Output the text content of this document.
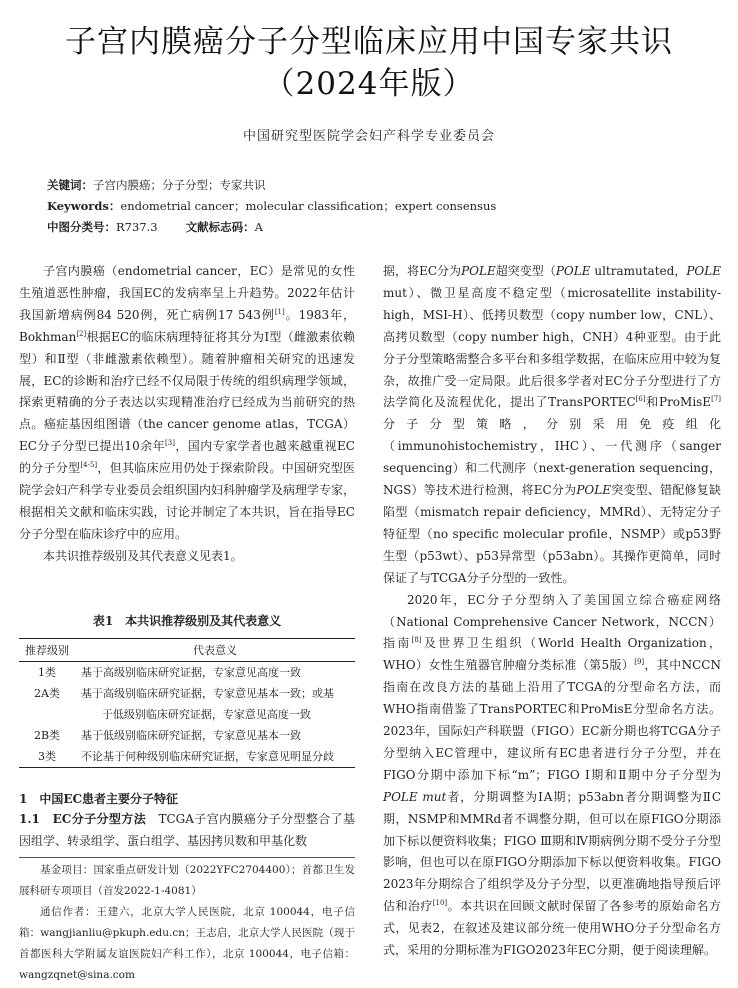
子宫内膜癌分子分型临床应用中国专家共识
（2024年版）
中国研究型医院学会妇产科学专业委员会
关键词：子宫内膜癌；分子分型；专家共识
Keywords：endometrial cancer；molecular classification；expert consensus
中图分类号：R737.3 文献标志码：A

子宫内膜癌（endometrial cancer，EC）是常见的女性生殖道恶性肿瘤，我国EC的发病率呈上升趋势。2022年估计我国新增病例84 520例，死亡病例17 543例[1]。1983年，Bokhman[2]根据EC的临床病理特征将其分为Ⅰ型（雌激素依赖型）和Ⅱ型（非雌激素依赖型）。随着肿瘤相关研究的迅速发展，EC的诊断和治疗已经不仅局限于传统的组织病理学领域，探索更精确的分子表达以实现精准治疗已经成为当前研究的热点。癌症基因组图谱（the cancer genome atlas，TCGA）EC分子分型已提出10余年[3]，国内专家学者也越来越重视EC的分子分型[4-5]，但其临床应用仍处于探索阶段。中国研究型医院学会妇产科学专业委员会组织国内妇科肿瘤学及病理学专家，根据相关文献和临床实践，讨论并制定了本共识，旨在指导EC分子分型在临床诊疗中的应用。

本共识推荐级别及其代表意义见表1。

表1　本共识推荐级别及其代表意义
推荐级别	代表意义
1类	基于高级别临床研究证据，专家意见高度一致
2A类	基于高级别临床研究证据，专家意见基本一致；或基
于低级别临床研究证据，专家意见高度一致

2B类	基于低级别临床研究证据，专家意见基本一致
3类	不论基于何种级别临床研究证据，专家意见明显分歧
1　中国EC患者主要分子特征
1.1　EC分子分型方法　TCGA子宫内膜癌分子分型整合了基因组学、转录组学、蛋白组学、基因拷贝数和甲基化数
基金项目：国家重点研发计划（2022YFC2704400）；首都卫生发展科研专项项目（首发2022-1-4081）
通信作者：王建六，北京大学人民医院，北京 100044，电子信箱：wangjianliu@pkuph.edu.cn；王志启，北京大学人民医院（现于首都医科大学附属友谊医院妇产科工作），北京 100044，电子信箱：wangzqnet@sina.com

据，将EC分为POLE超突变型（POLE ultramutated，POLE mut）、微卫星高度不稳定型（microsatellite instability-high，MSI-H）、低拷贝数型（copy number low，CNL）、高拷贝数型（copy number high，CNH）4种亚型。由于此分子分型策略需整合多平台和多组学数据，在临床应用中较为复杂，故推广受一定局限。此后很多学者对EC分子分型进行了方法学简化及流程优化，提出了TransPORTEC[6]和ProMisE[7]分子分型策略，分别采用免疫组化（immunohistochemistry，IHC）、一代测序（sanger sequencing）和二代测序（next-generation sequencing，NGS）等技术进行检测，将EC分为POLE突变型、错配修复缺陷型（mismatch repair deficiency，MMRd）、无特定分子特征型（no specific molecular profile，NSMP）或p53野生型（p53wt）、p53异常型（p53abn）。其操作更简单，同时保证了与TCGA分子分型的一致性。

2020年，EC分子分型纳入了美国国立综合癌症网络（National Comprehensive Cancer Network，NCCN）指南[8]及世界卫生组织（World Health Organization，WHO）女性生殖器官肿瘤分类标准（第5版）[9]，其中NCCN指南在改良方法的基础上沿用了TCGA的分型命名方法，而WHO指南借鉴了TransPORTEC和ProMisE分型命名方法。2023年，国际妇产科联盟（FIGO）EC新分期也将TCGA分子分型纳入EC管理中，建议所有EC患者进行分子分型，并在FIGO分期中添加下标“m”；FIGO Ⅰ期和Ⅱ期中分子分型为POLE mut者，分期调整为ⅠA期；p53abn者分期调整为ⅡC期，NSMP和MMRd者不调整分期，但可以在原FIGO分期添加下标以便资料收集；FIGO Ⅲ期和Ⅳ期病例分期不受分子分型影响，但也可以在原FIGO分期添加下标以便资料收集。FIGO 2023年分期综合了组织学及分子分型，以更准确地指导预后评估和治疗[10]。本共识在回顾文献时保留了各参考的原始命名方式，见表2，在叙述及建议部分统一使用WHO分子分型命名方式，采用的分期标准为FIGO2023年EC分期，便于阅读理解。
